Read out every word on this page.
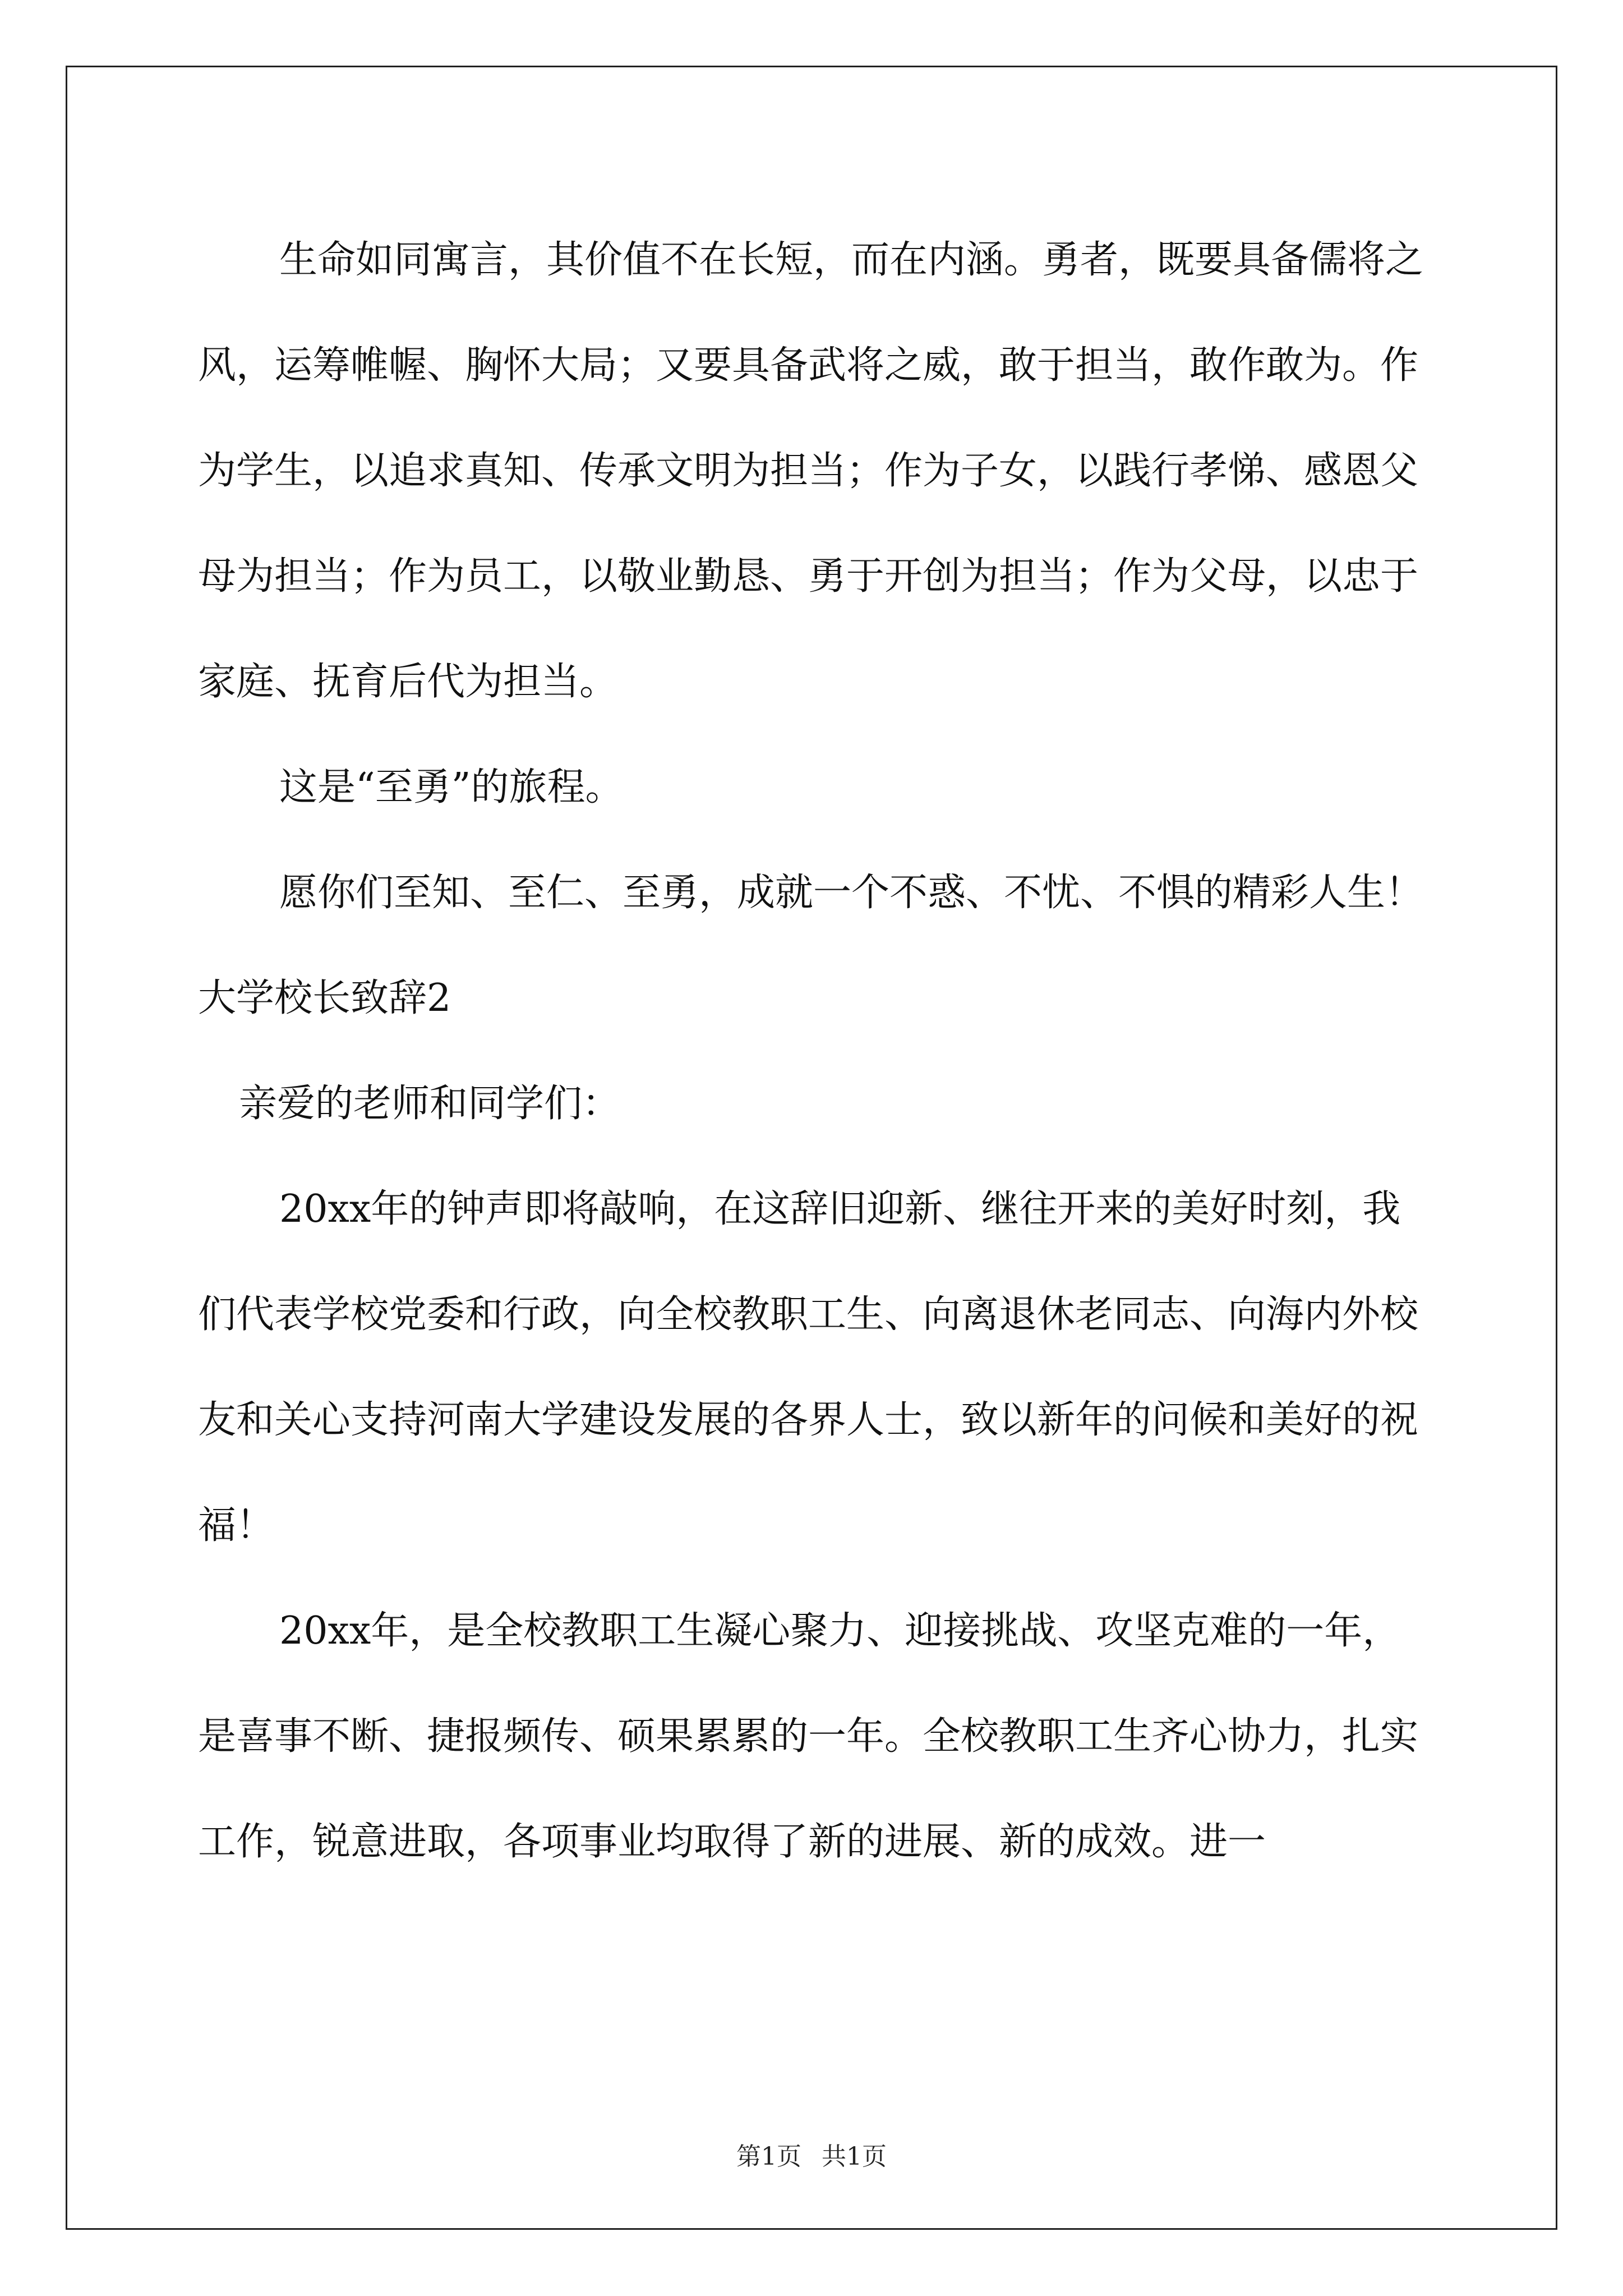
生命如同寓言，其价值不在长短，而在内涵。勇者，既要具备儒将之风，运筹帷幄、胸怀大局；又要具备武将之威，敢于担当，敢作敢为。作为学生，以追求真知、传承文明为担当；作为子女，以践行孝悌、感恩父母为担当；作为员工，以敬业勤恳、勇于开创为担当；作为父母，以忠于家庭、抚育后代为担当。

这是“至勇”的旅程。

愿你们至知、至仁、至勇，成就一个不惑、不忧、不惧的精彩人生！

大学校长致辞2

亲爱的老师和同学们：

20xx年的钟声即将敲响，在这辞旧迎新、继往开来的美好时刻，我们代表学校党委和行政，向全校教职工生、向离退休老同志、向海内外校友和关心支持河南大学建设发展的各界人士，致以新年的问候和美好的祝福！

20xx年，是全校教职工生凝心聚力、迎接挑战、攻坚克难的一年，是喜事不断、捷报频传、硕果累累的一年。全校教职工生齐心协力，扎实工作，锐意进取，各项事业均取得了新的进展、新的成效。进一

第1页 共1页
